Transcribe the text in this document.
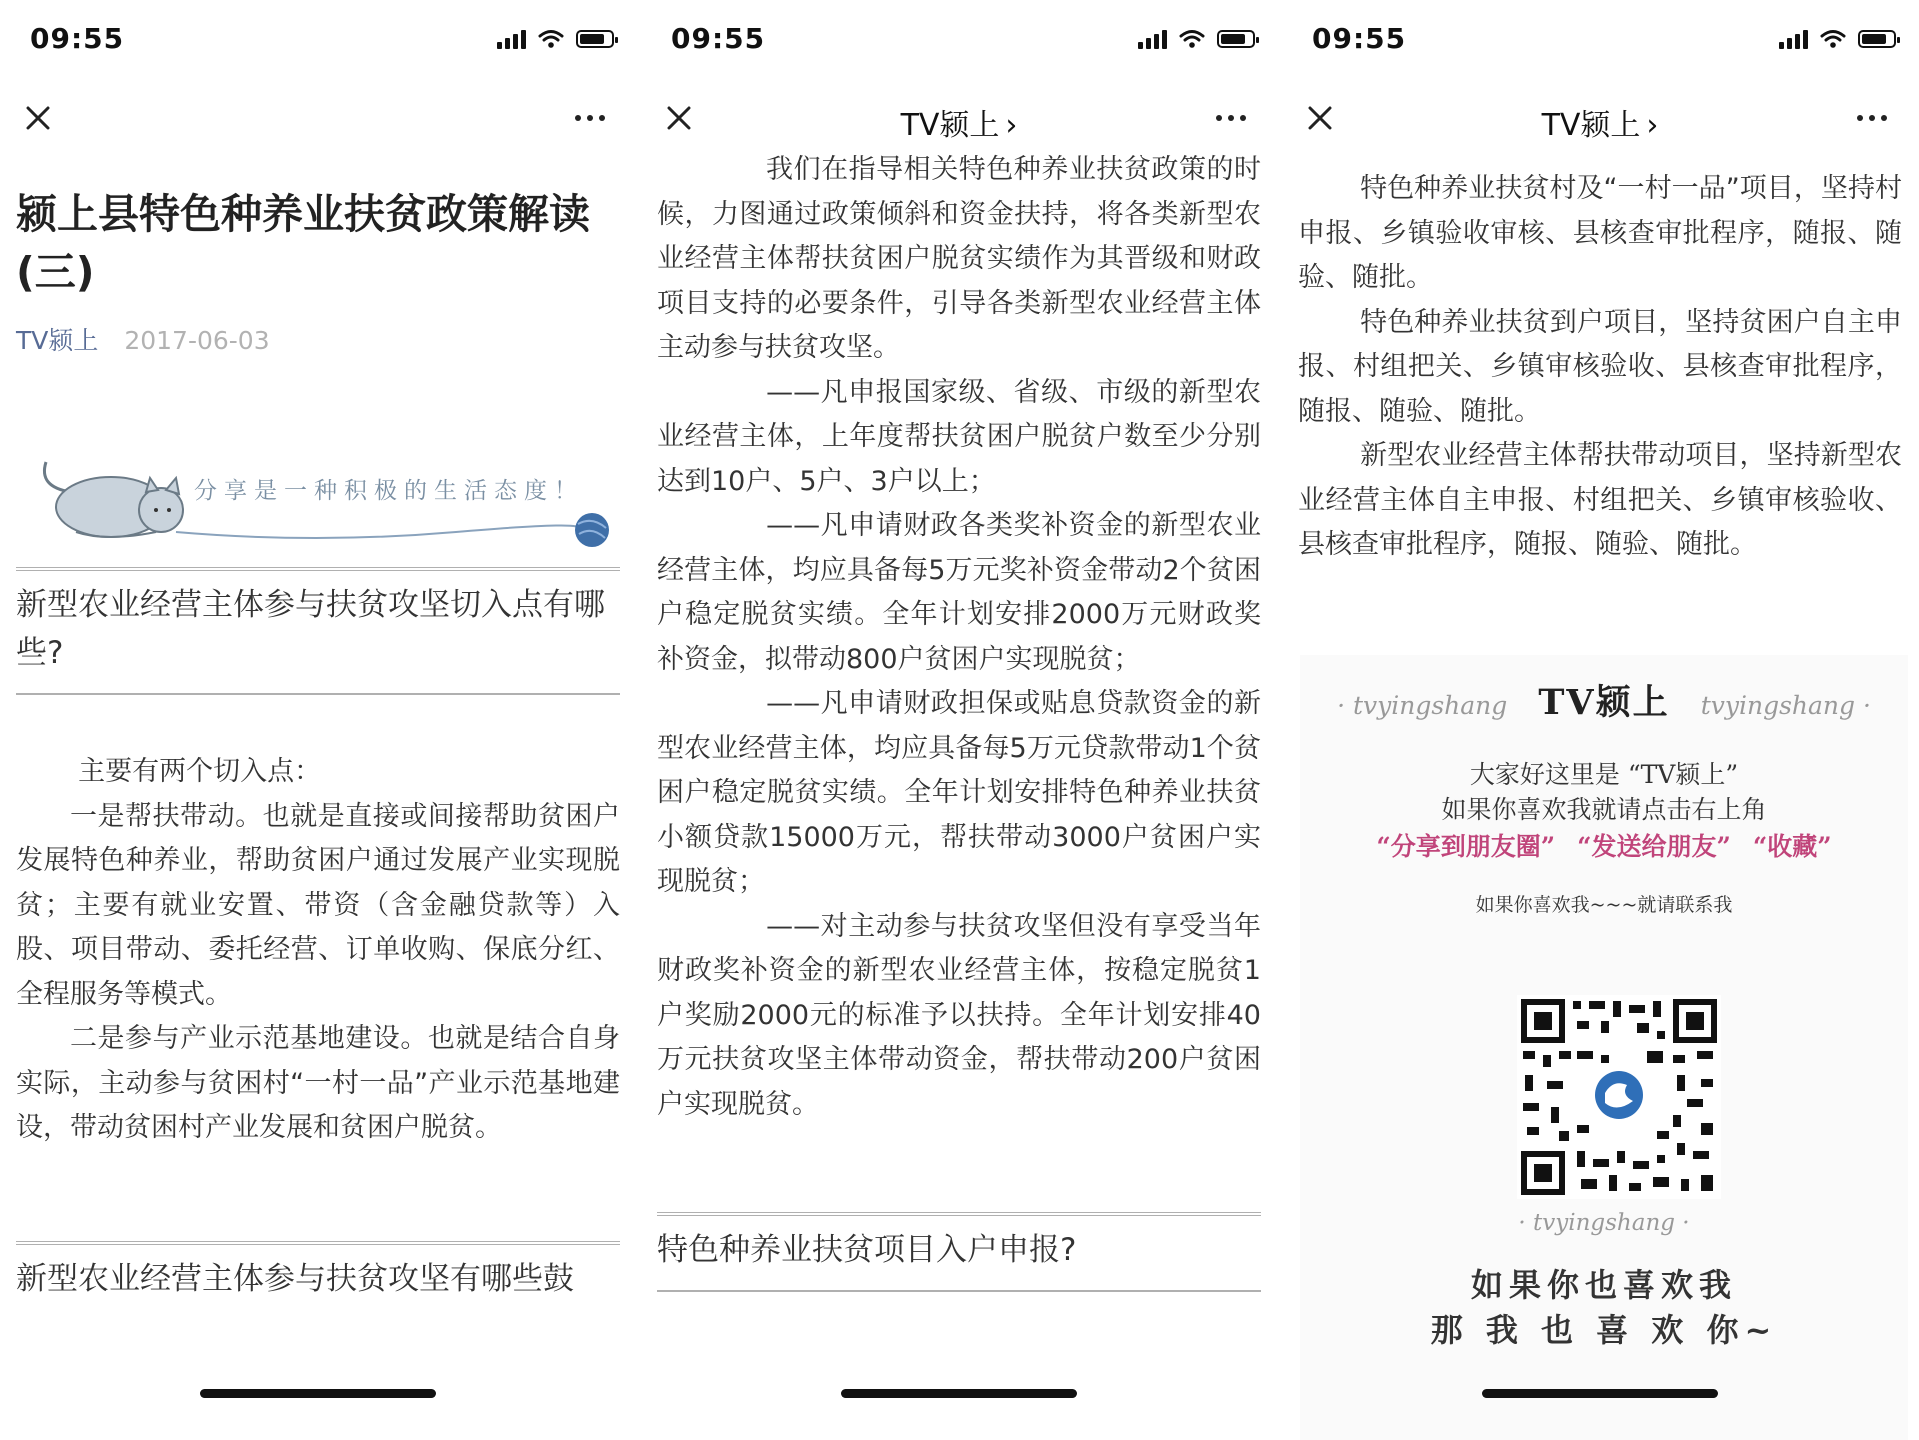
09:55
颍上县特色种养业扶贫政策解读(三)
TV颍上 2017-06-03
分享是一种积极的生活态度！
新型农业经营主体参与扶贫攻坚切入点有哪些?

主要有两个切入点：

一是帮扶带动。也就是直接或间接帮助贫困户发展特色种养业，帮助贫困户通过发展产业实现脱贫；主要有就业安置、带资（含金融贷款等）入股、项目带动、委托经营、订单收购、保底分红、全程服务等模式。

二是参与产业示范基地建设。也就是结合自身实际，主动参与贫困村“一村一品”产业示范基地建设，带动贫困村产业发展和贫困户脱贫。

新型农业经营主体参与扶贫攻坚有哪些鼓
09:55
TV颍上 ›

　　我们在指导相关特色种养业扶贫政策的时候，力图通过政策倾斜和资金扶持，将各类新型农业经营主体帮扶贫困户脱贫实绩作为其晋级和财政项目支持的必要条件，引导各类新型农业经营主体主动参与扶贫攻坚。

　　——凡申报国家级、省级、市级的新型农业经营主体，上年度帮扶贫困户脱贫户数至少分别达到10户、5户、3户以上；

　　——凡申请财政各类奖补资金的新型农业经营主体，均应具备每5万元奖补资金带动2个贫困户稳定脱贫实绩。全年计划安排2000万元财政奖补资金，拟带动800户贫困户实现脱贫；

　　——凡申请财政担保或贴息贷款资金的新型农业经营主体，均应具备每5万元贷款带动1个贫困户稳定脱贫实绩。全年计划安排特色种养业扶贫小额贷款15000万元，帮扶带动3000户贫困户实现脱贫；

　　——对主动参与扶贫攻坚但没有享受当年财政奖补资金的新型农业经营主体，按稳定脱贫1户奖励2000元的标准予以扶持。全年计划安排40万元扶贫攻坚主体带动资金，帮扶带动200户贫困户实现脱贫。

特色种养业扶贫项目入户申报?
09:55
TV颍上 ›

特色种养业扶贫村及“一村一品”项目，坚持村申报、乡镇验收审核、县核查审批程序，随报、随验、随批。

特色种养业扶贫到户项目，坚持贫困户自主申报、村组把关、乡镇审核验收、县核查审批程序，随报、随验、随批。

新型农业经营主体帮扶带动项目，坚持新型农业经营主体自主申报、村组把关、乡镇审核验收、县核查审批程序，随报、随验、随批。

· tvyingshang TV颍上 tvyingshang ·
大家好这里是 “TV颍上”
如果你喜欢我就请点击右上角
“分享到朋友圈” “发送给朋友” “收藏”
如果你喜欢我~~~就请联系我
· tvyingshang ·
如果你也喜欢我
那 我 也 喜 欢 你~
